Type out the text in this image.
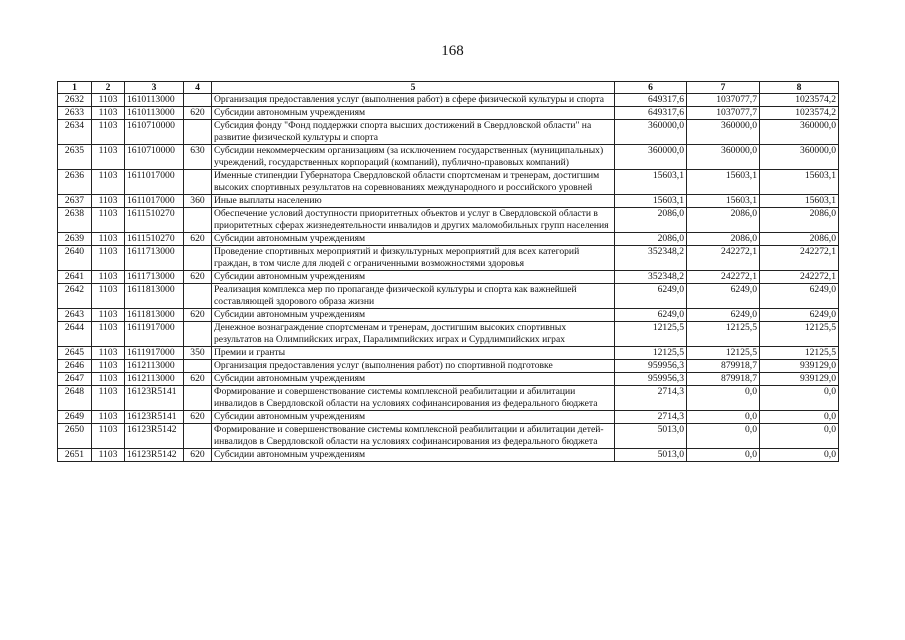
168
1	2	3	4	5	6	7	8
2632	1103	1610113000		Организация предоставления услуг (выполнения работ) в сфере физической культуры и спорта	649317,6	1037077,7	1023574,2
2633	1103	1610113000	620	Субсидии автономным учреждениям	649317,6	1037077,7	1023574,2
2634	1103	1610710000		Субсидия фонду "Фонд поддержки спорта высших достижений в Свердловской области" на развитие физической культуры и спорта	360000,0	360000,0	360000,0
2635	1103	1610710000	630	Субсидии некоммерческим организациям (за исключением государственных (муниципальных) учреждений, государственных корпораций (компаний), публично-правовых компаний)	360000,0	360000,0	360000,0
2636	1103	1611017000		Именные стипендии Губернатора Свердловской области спортсменам и тренерам, достигшим высоких спортивных результатов на соревнованиях международного и российского уровней	15603,1	15603,1	15603,1
2637	1103	1611017000	360	Иные выплаты населению	15603,1	15603,1	15603,1
2638	1103	1611510270		Обеспечение условий доступности приоритетных объектов и услуг в Свердловской области в приоритетных сферах жизнедеятельности инвалидов и других маломобильных групп населения	2086,0	2086,0	2086,0
2639	1103	1611510270	620	Субсидии автономным учреждениям	2086,0	2086,0	2086,0
2640	1103	1611713000		Проведение спортивных мероприятий и физкультурных мероприятий для всех категорий граждан, в том числе для людей с ограниченными возможностями здоровья	352348,2	242272,1	242272,1
2641	1103	1611713000	620	Субсидии автономным учреждениям	352348,2	242272,1	242272,1
2642	1103	1611813000		Реализация комплекса мер по пропаганде физической культуры и спорта как важнейшей составляющей здорового образа жизни	6249,0	6249,0	6249,0
2643	1103	1611813000	620	Субсидии автономным учреждениям	6249,0	6249,0	6249,0
2644	1103	1611917000		Денежное вознаграждение спортсменам и тренерам, достигшим высоких спортивных результатов на Олимпийских играх, Паралимпийских играх и Сурдлимпийских играх	12125,5	12125,5	12125,5
2645	1103	1611917000	350	Премии и гранты	12125,5	12125,5	12125,5
2646	1103	1612113000		Организация предоставления услуг (выполнения работ) по спортивной подготовке	959956,3	879918,7	939129,0
2647	1103	1612113000	620	Субсидии автономным учреждениям	959956,3	879918,7	939129,0
2648	1103	16123R5141		Формирование и совершенствование системы комплексной реабилитации и абилитации инвалидов в Свердловской области на условиях софинансирования из федерального бюджета	2714,3	0,0	0,0
2649	1103	16123R5141	620	Субсидии автономным учреждениям	2714,3	0,0	0,0
2650	1103	16123R5142		Формирование и совершенствование системы комплексной реабилитации и абилитации детей-инвалидов в Свердловской области на условиях софинансирования из федерального бюджета	5013,0	0,0	0,0
2651	1103	16123R5142	620	Субсидии автономным учреждениям	5013,0	0,0	0,0
